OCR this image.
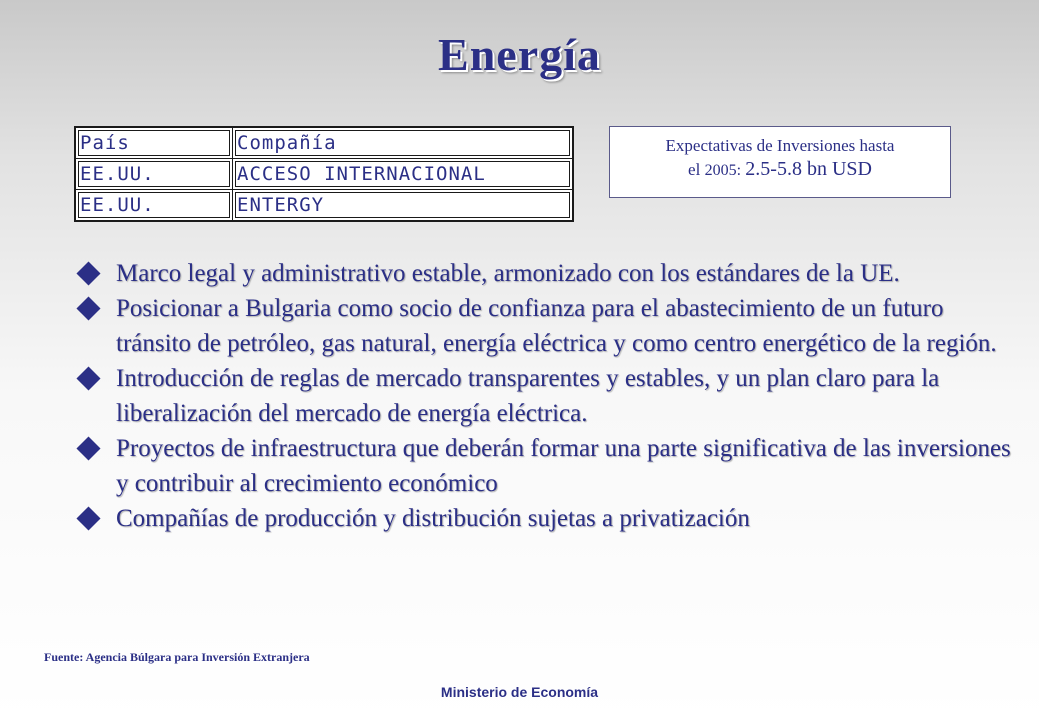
Energía
País	Compañía
EE.UU.	ACCESO INTERNACIONAL
EE.UU.	ENTERGY
Expectativas de Inversiones hasta
el 2005: 2.5-5.8 bn USD
Marco legal y administrativo estable, armonizado con los estándares de la UE.
Posicionar a Bulgaria como socio de confianza para el abastecimiento de un futuro tránsito de petróleo, gas natural, energía eléctrica y como centro energético de la región.
Introducción de reglas de mercado transparentes y estables, y un plan claro para la liberalización del mercado de energía eléctrica.
Proyectos de infraestructura que deberán formar una parte significativa de las inversiones y contribuir al crecimiento económico
Compañías de producción y distribución sujetas a privatización
Fuente: Agencia Búlgara para Inversión Extranjera
Ministerio de Economía
